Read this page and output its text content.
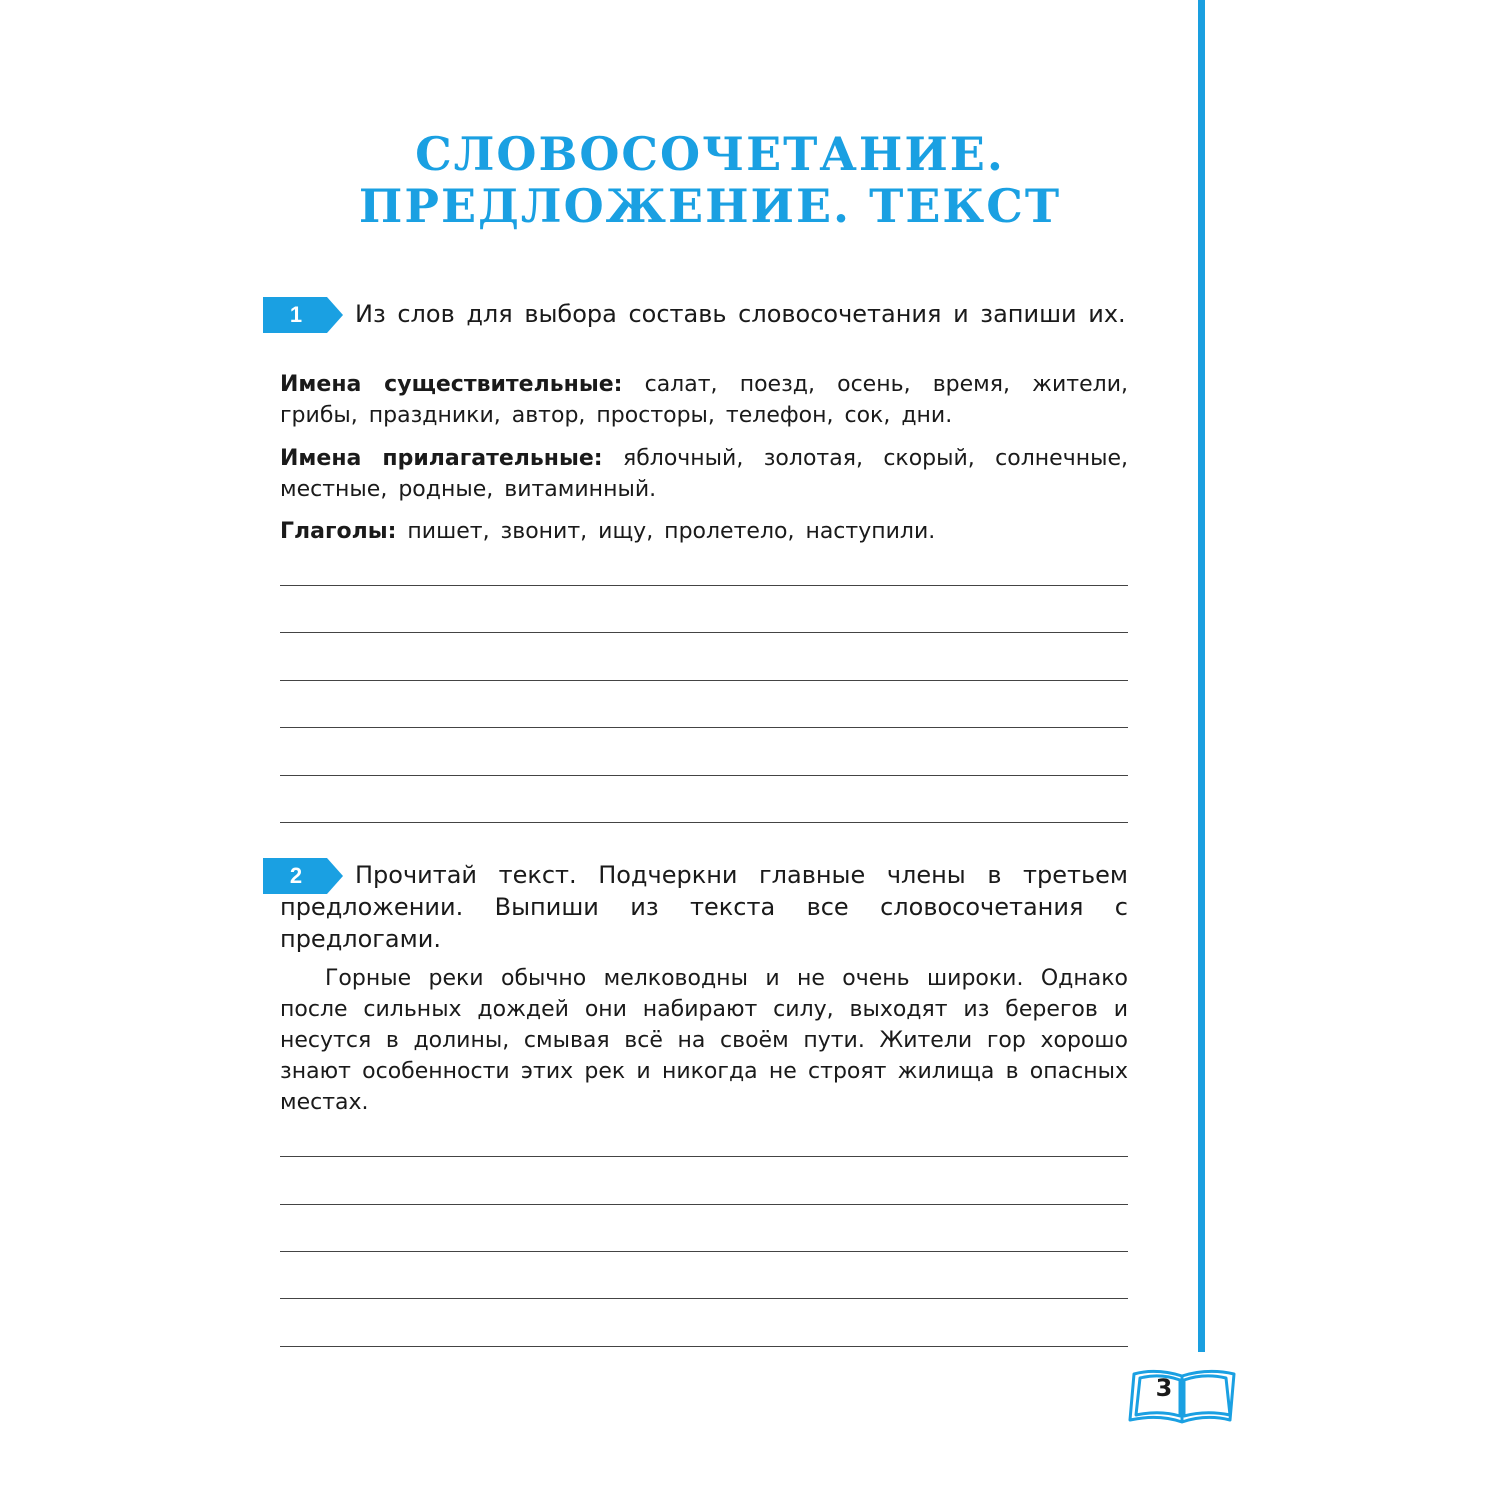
СЛОВОСОЧЕТАНИЕ.
ПРЕДЛОЖЕНИЕ. ТЕКСТ
1	Из слов для выбора составь словосочетания и запиши их.
Имена существительные: салат, поезд, осень, время, жители, грибы, праздники, автор, просторы, телефон, сок, дни.
Имена прилагательные: яблочный, золотая, скорый, солнечные, местные, родные, витаминный.
Глаголы: пишет, звонит, ищу, пролетело, наступили.
2	Прочитай текст. Подчеркни главные члены в третьем предложении. Выпиши из текста все словосочетания с предлогами.
Горные реки обычно мелководны и не очень широки. Однако после сильных дождей они набирают силу, выходят из берегов и несутся в долины, смывая всё на своём пути. Жители гор хорошо знают особенности этих рек и никогда не строят жилища в опасных местах.
3
